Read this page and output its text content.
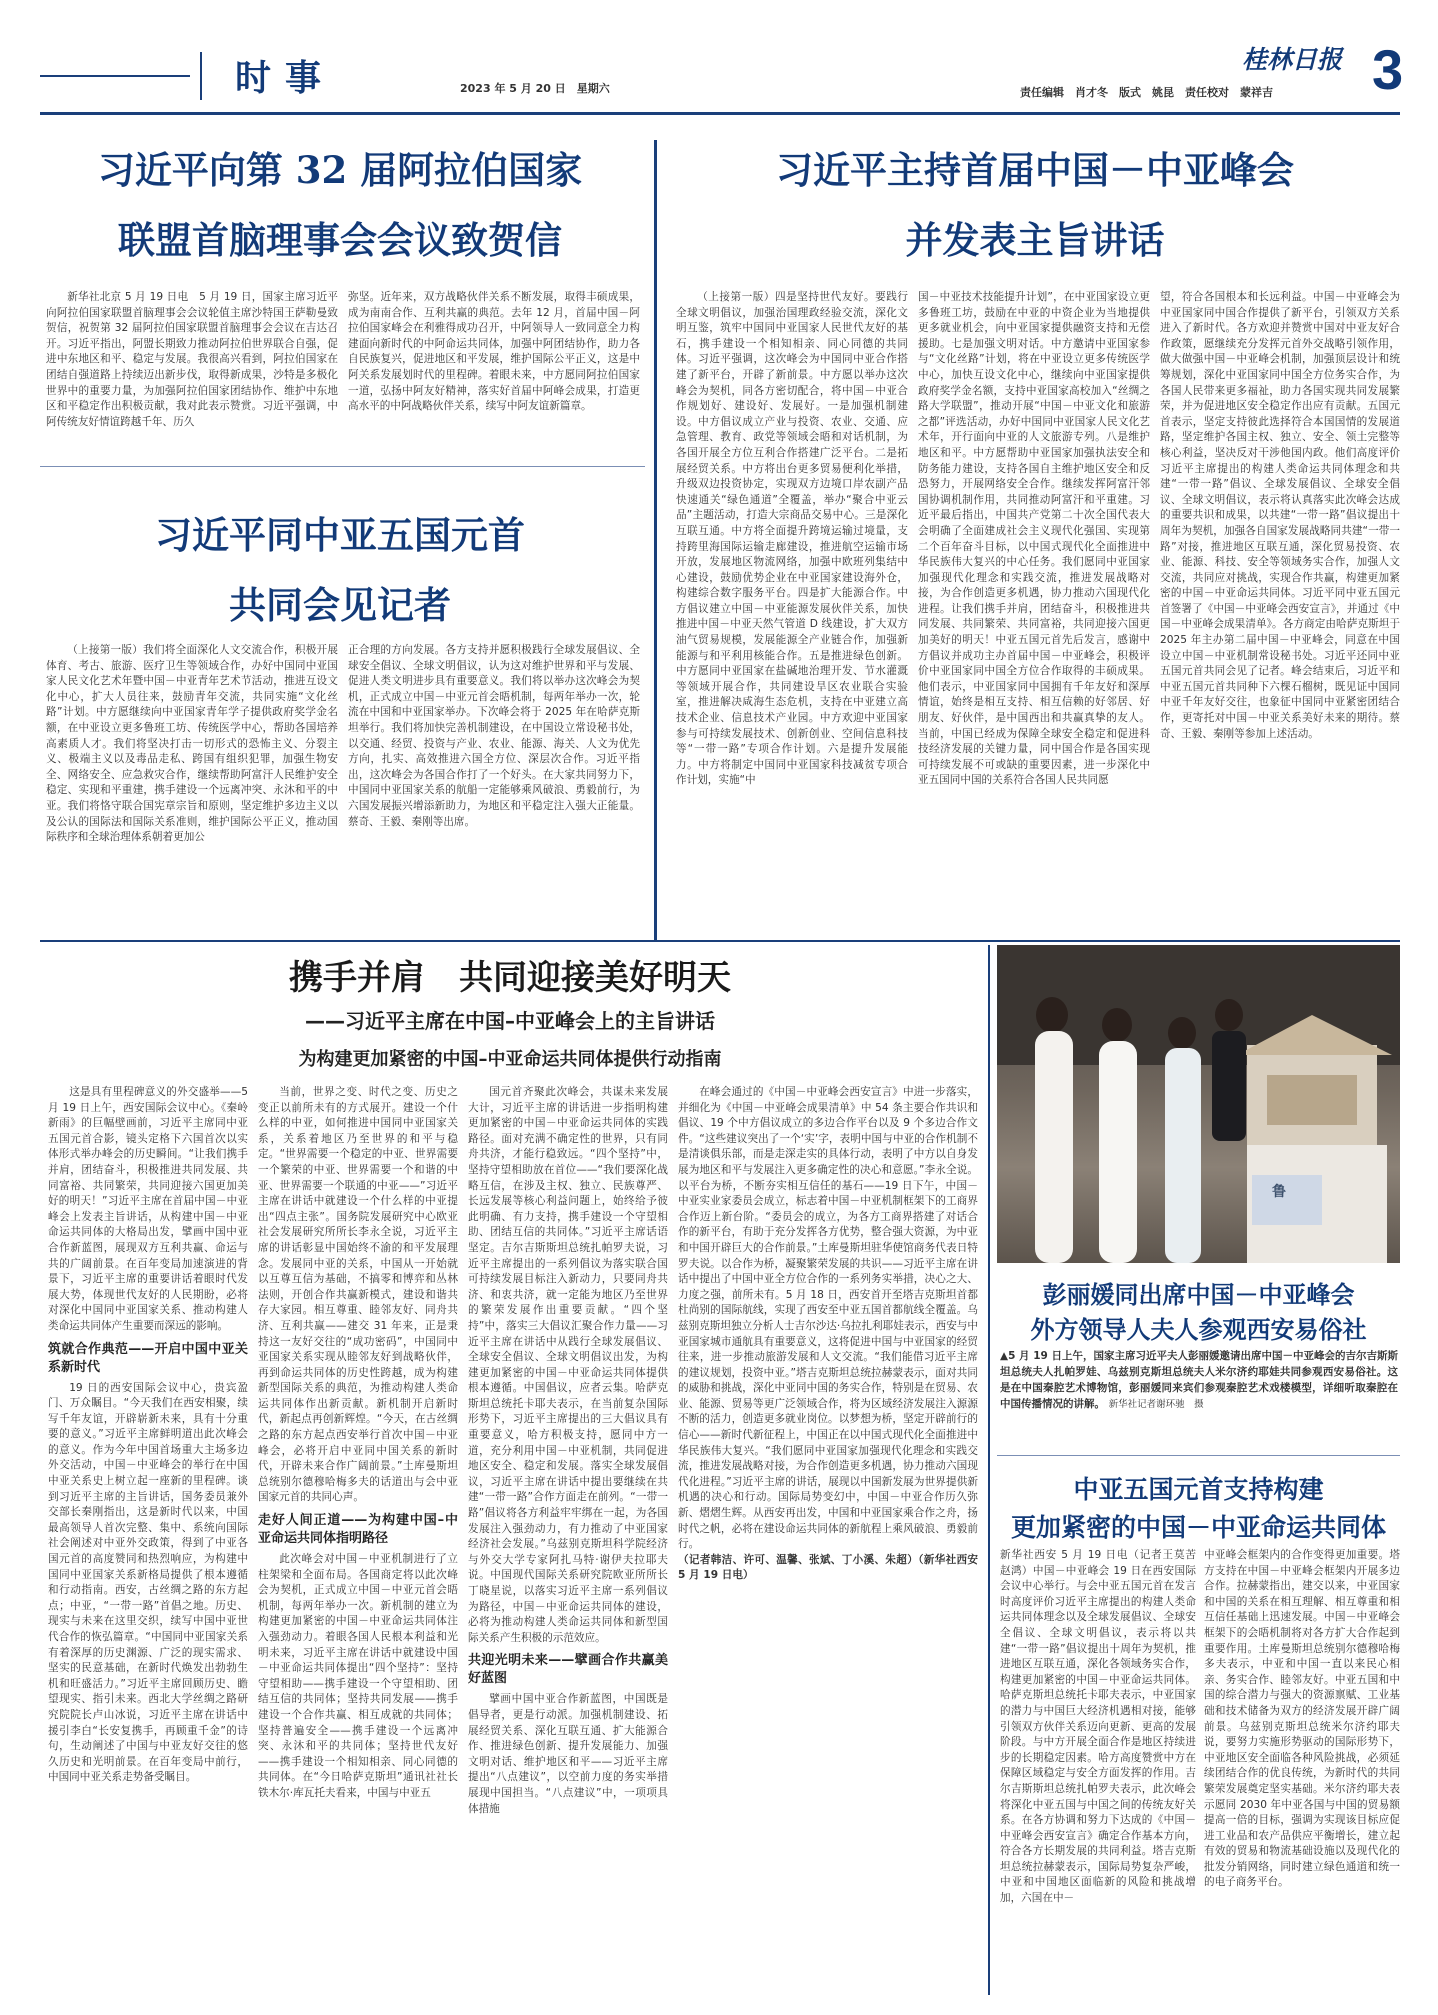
时事	2023 年 5 月 20 日　星期六
桂林日报
责任编辑　肖才冬　版式　姚昆　责任校对　蒙祥吉 3
习近平向第 32 届阿拉伯国家
联盟首脑理事会会议致贺信

新华社北京 5 月 19 日电　5 月 19 日，国家主席习近平向阿拉伯国家联盟首脑理事会会议轮值主席沙特国王萨勒曼致贺信，祝贺第 32 届阿拉伯国家联盟首脑理事会会议在吉达召开。习近平指出，阿盟长期致力推动阿拉伯世界联合自强，促进中东地区和平、稳定与发展。我很高兴看到，阿拉伯国家在团结自强道路上持续迈出新步伐，取得新成果，沙特是多极化世界中的重要力量，为加强阿拉伯国家团结协作、维护中东地区和平稳定作出积极贡献，我对此表示赞赏。习近平强调，中阿传统友好情谊跨越千年、历久

弥坚。近年来，双方战略伙伴关系不断发展，取得丰硕成果，成为南南合作、互利共赢的典范。去年 12 月，首届中国－阿拉伯国家峰会在利雅得成功召开，中阿领导人一致同意全力构建面向新时代的中阿命运共同体，加强中阿团结协作，助力各自民族复兴，促进地区和平发展，维护国际公平正义，这是中阿关系发展划时代的里程碑。着眼未来，中方愿同阿拉伯国家一道，弘扬中阿友好精神，落实好首届中阿峰会成果，打造更高水平的中阿战略伙伴关系，续写中阿友谊新篇章。

习近平同中亚五国元首
共同会见记者

（上接第一版）我们将全面深化人文交流合作，积极开展体育、考古、旅游、医疗卫生等领域合作，办好中国同中亚国家人民文化艺术年暨中国－中亚青年艺术节活动，推进互设文化中心，扩大人员往来，鼓励青年交流，共同实施“文化丝路”计划。中方愿继续向中亚国家青年学子提供政府奖学金名额，在中亚设立更多鲁班工坊、传统医学中心，帮助各国培养高素质人才。我们将坚决打击一切形式的恐怖主义、分裂主义、极端主义以及毒品走私、跨国有组织犯罪，加强生物安全、网络安全、应急救灾合作，继续帮助阿富汗人民维护安全稳定、实现和平重建，携手建设一个远离冲突、永沐和平的中亚。我们将恪守联合国宪章宗旨和原则，坚定维护多边主义以及公认的国际法和国际关系准则，维护国际公平正义，推动国际秩序和全球治理体系朝着更加公

正合理的方向发展。各方支持并愿积极践行全球发展倡议、全球安全倡议、全球文明倡议，认为这对维护世界和平与发展、促进人类文明进步具有重要意义。我们将以举办这次峰会为契机，正式成立中国－中亚元首会晤机制，每两年举办一次，轮流在中国和中亚国家举办。下次峰会将于 2025 年在哈萨克斯坦举行。我们将加快完善机制建设，在中国设立常设秘书处，以交通、经贸、投资与产业、农业、能源、海关、人文为优先方向，扎实、高效推进六国全方位、深层次合作。习近平指出，这次峰会为各国合作打了一个好头。在大家共同努力下，中国同中亚国家关系的航船一定能够乘风破浪、勇毅前行，为六国发展振兴增添新助力，为地区和平稳定注入强大正能量。蔡奇、王毅、秦刚等出席。

习近平主持首届中国－中亚峰会
并发表主旨讲话

（上接第一版）四是坚持世代友好。要践行全球文明倡议，加强治国理政经验交流，深化文明互鉴，筑牢中国同中亚国家人民世代友好的基石，携手建设一个相知相亲、同心同德的共同体。习近平强调，这次峰会为中国同中亚合作搭建了新平台，开辟了新前景。中方愿以举办这次峰会为契机，同各方密切配合，将中国－中亚合作规划好、建设好、发展好。一是加强机制建设。中方倡议成立产业与投资、农业、交通、应急管理、教育、政党等领域会晤和对话机制，为各国开展全方位互利合作搭建广泛平台。二是拓展经贸关系。中方将出台更多贸易便利化举措，升级双边投资协定，实现双方边境口岸农副产品快速通关“绿色通道”全覆盖，举办“聚合中亚云品”主题活动，打造大宗商品交易中心。三是深化互联互通。中方将全面提升跨境运输过境量，支持跨里海国际运输走廊建设，推进航空运输市场开放，发展地区物流网络，加强中欧班列集结中心建设，鼓励优势企业在中亚国家建设海外仓，构建综合数字服务平台。四是扩大能源合作。中方倡议建立中国－中亚能源发展伙伴关系，加快推进中国－中亚天然气管道 D 线建设，扩大双方油气贸易规模，发展能源全产业链合作，加强新能源与和平利用核能合作。五是推进绿色创新。中方愿同中亚国家在盐碱地治理开发、节水灌溉等领域开展合作，共同建设旱区农业联合实验室，推进解决咸海生态危机，支持在中亚建立高技术企业、信息技术产业园。中方欢迎中亚国家参与可持续发展技术、创新创业、空间信息科技等“一带一路”专项合作计划。六是提升发展能力。中方将制定中国同中亚国家科技减贫专项合作计划，实施“中

国－中亚技术技能提升计划”，在中亚国家设立更多鲁班工坊，鼓励在中亚的中资企业为当地提供更多就业机会，向中亚国家提供融资支持和无偿援助。七是加强文明对话。中方邀请中亚国家参与“文化丝路”计划，将在中亚设立更多传统医学中心，加快互设文化中心，继续向中亚国家提供政府奖学金名额，支持中亚国家高校加入“丝绸之路大学联盟”，推动开展“中国－中亚文化和旅游之都”评选活动，办好中国同中亚国家人民文化艺术年，开行面向中亚的人文旅游专列。八是维护地区和平。中方愿帮助中亚国家加强执法安全和防务能力建设，支持各国自主维护地区安全和反恐努力，开展网络安全合作。继续发挥阿富汗邻国协调机制作用，共同推动阿富汗和平重建。习近平最后指出，中国共产党第二十次全国代表大会明确了全面建成社会主义现代化强国、实现第二个百年奋斗目标，以中国式现代化全面推进中华民族伟大复兴的中心任务。我们愿同中亚国家加强现代化理念和实践交流，推进发展战略对接，为合作创造更多机遇，协力推动六国现代化进程。让我们携手并肩，团结奋斗，积极推进共同发展、共同繁荣、共同富裕，共同迎接六国更加美好的明天！中亚五国元首先后发言，感谢中方倡议并成功主办首届中国－中亚峰会，积极评价中亚国家同中国全方位合作取得的丰硕成果。他们表示，中亚国家同中国拥有千年友好和深厚情谊，始终是相互支持、相互信赖的好邻居、好朋友、好伙伴，是中国西出和共赢真挚的友人。当前，中国已经成为保障全球安全稳定和促进科技经济发展的关键力量，同中国合作是各国实现可持续发展不可或缺的重要因素，进一步深化中亚五国同中国的关系符合各国人民共同愿

望，符合各国根本和长远利益。中国－中亚峰会为中亚国家同中国合作提供了新平台，引领双方关系进入了新时代。各方欢迎并赞赏中国对中亚友好合作政策，愿继续充分发挥元首外交战略引领作用，做大做强中国－中亚峰会机制，加强顶层设计和统筹规划，深化中亚国家同中国全方位务实合作，为各国人民带来更多福祉，助力各国实现共同发展繁荣，并为促进地区安全稳定作出应有贡献。五国元首表示，坚定支持彼此选择符合本国国情的发展道路，坚定维护各国主权、独立、安全、领土完整等核心利益，坚决反对干涉他国内政。他们高度评价习近平主席提出的构建人类命运共同体理念和共建“一带一路”倡议、全球发展倡议、全球安全倡议、全球文明倡议，表示将认真落实此次峰会达成的重要共识和成果，以共建“一带一路”倡议提出十周年为契机，加强各自国家发展战略同共建“一带一路”对接，推进地区互联互通，深化贸易投资、农业、能源、科技、安全等领域务实合作，加强人文交流，共同应对挑战，实现合作共赢，构建更加紧密的中国－中亚命运共同体。习近平同中亚五国元首签署了《中国－中亚峰会西安宣言》，并通过《中国－中亚峰会成果清单》。各方商定由哈萨克斯坦于 2025 年主办第二届中国－中亚峰会，同意在中国设立中国－中亚机制常设秘书处。习近平还同中亚五国元首共同会见了记者。峰会结束后，习近平和中亚五国元首共同种下六棵石榴树，既见证中国同中亚千年友好交往，也象征中国同中亚紧密团结合作，更寄托对中国－中亚关系美好未来的期待。蔡奇、王毅、秦刚等参加上述活动。

携手并肩　共同迎接美好明天
——习近平主席在中国–中亚峰会上的主旨讲话
为构建更加紧密的中国–中亚命运共同体提供行动指南

这是具有里程碑意义的外交盛举——5 月 19 日上午，西安国际会议中心。《秦岭新雨》的巨幅壁画前，习近平主席同中亚五国元首合影，镜头定格下六国首次以实体形式举办峰会的历史瞬间。“让我们携手并肩，团结奋斗，积极推进共同发展、共同富裕、共同繁荣，共同迎接六国更加美好的明天！”习近平主席在首届中国－中亚峰会上发表主旨讲话，从构建中国－中亚命运共同体的大格局出发，擘画中国中亚合作新蓝图，展现双方互利共赢、命运与共的广阔前景。在百年变局加速演进的背景下，习近平主席的重要讲话着眼时代发展大势，体现世代友好的人民期盼，必将对深化中国同中亚国家关系、推动构建人类命运共同体产生重要而深远的影响。

筑就合作典范——开启中国中亚关系新时代

19 日的西安国际会议中心，贵宾盈门、万众瞩目。“今天我们在西安相聚，续写千年友谊，开辟崭新未来，具有十分重要的意义。”习近平主席鲜明道出此次峰会的意义。作为今年中国首场重大主场多边外交活动，中国－中亚峰会的举行在中国中亚关系史上树立起一座新的里程碑。谈到习近平主席的主旨讲话，国务委员兼外交部长秦刚指出，这是新时代以来，中国最高领导人首次完整、集中、系统向国际社会阐述对中亚外交政策，得到了中亚各国元首的高度赞同和热烈响应，为构建中国同中亚国家关系新格局提供了根本遵循和行动指南。西安，古丝绸之路的东方起点；中亚，“一带一路”首倡之地。历史、现实与未来在这里交织，续写中国中亚世代合作的恢弘篇章。“中国同中亚国家关系有着深厚的历史渊源、广泛的现实需求、坚实的民意基础，在新时代焕发出勃勃生机和旺盛活力。”习近平主席回顾历史、瞻望现实、指引未来。西北大学丝绸之路研究院院长卢山冰说，习近平主席在讲话中援引李白“长安复携手，再顾重千金”的诗句，生动阐述了中国与中亚友好交往的悠久历史和光明前景。在百年变局中前行，中国同中亚关系走势备受瞩目。

当前，世界之变、时代之变、历史之变正以前所未有的方式展开。建设一个什么样的中亚，如何推进中国同中亚国家关系，关系着地区乃至世界的和平与稳定。“世界需要一个稳定的中亚、世界需要一个繁荣的中亚、世界需要一个和谐的中亚、世界需要一个联通的中亚——”习近平主席在讲话中就建设一个什么样的中亚提出“四点主张”。国务院发展研究中心欧亚社会发展研究所所长李永全说，习近平主席的讲话彰显中国始终不渝的和平发展理念。发展同中亚的关系，中国从一开始就以互尊互信为基础，不搞零和博弈和丛林法则，开创合作共赢新模式，建设和谐共存大家园。相互尊重、睦邻友好、同舟共济、互利共赢——建交 31 年来，正是秉持这一友好交往的“成功密码”，中国同中亚国家关系实现从睦邻友好到战略伙伴，再到命运共同体的历史性跨越，成为构建新型国际关系的典范，为推动构建人类命运共同体作出新贡献。新机制开启新时代，新起点再创新辉煌。“今天，在古丝绸之路的东方起点西安举行首次中国－中亚峰会，必将开启中亚同中国关系的新时代，开辟未来合作广阔前景。”土库曼斯坦总统别尔德穆哈梅多夫的话道出与会中亚国家元首的共同心声。

走好人间正道——为构建中国–中亚命运共同体指明路径

此次峰会对中国－中亚机制进行了立柱架梁和全面布局。各国商定将以此次峰会为契机，正式成立中国－中亚元首会晤机制，每两年举办一次。新机制的建立为构建更加紧密的中国－中亚命运共同体注入强劲动力。着眼各国人民根本利益和光明未来，习近平主席在讲话中就建设中国－中亚命运共同体提出“四个坚持”：坚持守望相助——携手建设一个守望相助、团结互信的共同体；坚持共同发展——携手建设一个合作共赢、相互成就的共同体；坚持普遍安全——携手建设一个远离冲突、永沐和平的共同体；坚持世代友好——携手建设一个相知相亲、同心同德的共同体。在“今日哈萨克斯坦”通讯社社长铁木尔·库瓦托夫看来，中国与中亚五

国元首齐聚此次峰会，共谋未来发展大计，习近平主席的讲话进一步指明构建更加紧密的中国－中亚命运共同体的实践路径。面对充满不确定性的世界，只有同舟共济，才能行稳致远。“四个坚持”中，坚持守望相助放在首位——“我们要深化战略互信，在涉及主权、独立、民族尊严、长远发展等核心利益问题上，始终给予彼此明确、有力支持，携手建设一个守望相助、团结互信的共同体。”习近平主席话语坚定。吉尔吉斯斯坦总统扎帕罗夫说，习近平主席提出的一系列倡议为落实联合国可持续发展目标注入新动力，只要同舟共济、和衷共济，就一定能为地区乃至世界的繁荣发展作出重要贡献。“四个坚持”中，落实三大倡议汇聚合作力量——习近平主席在讲话中从践行全球发展倡议、全球安全倡议、全球文明倡议出发，为构建更加紧密的中国－中亚命运共同体提供根本遵循。中国倡议，应者云集。哈萨克斯坦总统托卡耶夫表示，在当前复杂国际形势下，习近平主席提出的三大倡议具有重要意义，哈方积极支持，愿同中方一道，充分利用中国－中亚机制，共同促进地区安全、稳定和发展。落实全球发展倡议，习近平主席在讲话中提出要继续在共建“一带一路”合作方面走在前列。“一带一路”倡议将各方利益牢牢绑在一起，为各国发展注入强劲动力，有力推动了中亚国家经济社会发展。”乌兹别克斯坦科学院经济与外交大学专家阿扎马特·谢伊夫拉耶夫说。中国现代国际关系研究院欧亚所所长丁晓星说，以落实习近平主席一系列倡议为路径，中国－中亚命运共同体的建设，必将为推动构建人类命运共同体和新型国际关系产生积极的示范效应。

共迎光明未来——擘画合作共赢美好蓝图

擘画中国中亚合作新蓝图，中国既是倡导者，更是行动派。加强机制建设、拓展经贸关系、深化互联互通、扩大能源合作、推进绿色创新、提升发展能力、加强文明对话、维护地区和平——习近平主席提出“八点建议”，以空前力度的务实举措展现中国担当。“八点建议”中，一项项具体措施

在峰会通过的《中国－中亚峰会西安宣言》中进一步落实，并细化为《中国－中亚峰会成果清单》中 54 条主要合作共识和倡议、19 个中方倡议成立的多边合作平台以及 9 个多边合作文件。“这些建议突出了一个‘实’字，表明中国与中亚的合作机制不是清谈俱乐部，而是走深走实的具体行动，表明了中方以自身发展为地区和平与发展注入更多确定性的决心和意愿。”李永全说。以平台为桥，不断夯实相互信任的基石——19 日下午，中国－中亚实业家委员会成立，标志着中国－中亚机制框架下的工商界合作迈上新台阶。“委员会的成立，为各方工商界搭建了对话合作的新平台，有助于充分发挥各方优势，整合强大资源，为中亚和中国开辟巨大的合作前景。”土库曼斯坦驻华使馆商务代表日特罗夫说。以合作为桥，凝聚繁荣发展的共识——习近平主席在讲话中提出了中国中亚全方位合作的一系列务实举措，决心之大、力度之强，前所未有。5 月 18 日，西安首开至塔吉克斯坦首都杜尚别的国际航线，实现了西安至中亚五国首都航线全覆盖。乌兹别克斯坦独立分析人士吉尔沙达·乌拉扎利耶娃表示，西安与中亚国家城市通航具有重要意义，这将促进中国与中亚国家的经贸往来，进一步推动旅游发展和人文交流。“我们能借习近平主席的建议规划，投资中亚。”塔吉克斯坦总统拉赫蒙表示，面对共同的威胁和挑战，深化中亚同中国的务实合作，特别是在贸易、农业、能源、贸易等更广泛领域合作，将为区域经济发展注入源源不断的活力，创造更多就业岗位。以梦想为桥，坚定开辟前行的信心——新时代新征程上，中国正在以中国式现代化全面推进中华民族伟大复兴。“我们愿同中亚国家加强现代化理念和实践交流，推进发展战略对接，为合作创造更多机遇，协力推动六国现代化进程。”习近平主席的讲话，展现以中国新发展为世界提供新机遇的决心和行动。国际局势变幻中，中国－中亚合作历久弥新、熠熠生辉。从西安再出发，中国和中亚国家乘合作之舟，扬时代之帆，必将在建设命运共同体的新航程上乘风破浪、勇毅前行。

（记者韩洁、许可、温馨、张斌、丁小溪、朱超）（新华社西安 5 月 19 日电）

鲁
彭丽媛同出席中国－中亚峰会
外方领导人夫人参观西安易俗社
▲5 月 19 日上午，国家主席习近平夫人彭丽媛邀请出席中国－中亚峰会的吉尔吉斯斯坦总统夫人扎帕罗娃、乌兹别克斯坦总统夫人米尔济约耶娃共同参观西安易俗社。这是在中国秦腔艺术博物馆，彭丽媛同来宾们参观秦腔艺术戏楼模型，详细听取秦腔在中国传播情况的讲解。 新华社记者谢环驰　摄
中亚五国元首支持构建
更加紧密的中国－中亚命运共同体

新华社西安 5 月 19 日电（记者王莫苦　赵鸿）中国－中亚峰会 19 日在西安国际会议中心举行。与会中亚五国元首在发言时高度评价习近平主席提出的构建人类命运共同体理念以及全球发展倡议、全球安全倡议、全球文明倡议，表示将以共建“一带一路”倡议提出十周年为契机，推进地区互联互通，深化各领域务实合作，构建更加紧密的中国－中亚命运共同体。哈萨克斯坦总统托卡耶夫表示，中亚国家的潜力与中国巨大经济机遇相对接，能够引领双方伙伴关系迈向更新、更高的发展阶段。与中方开展全面合作是地区持续进步的长期稳定因素。哈方高度赞赏中方在保障区域稳定与安全方面发挥的作用。吉尔吉斯斯坦总统扎帕罗夫表示，此次峰会将深化中亚五国与中国之间的传统友好关系。在各方协调和努力下达成的《中国－中亚峰会西安宣言》确定合作基本方向，符合各方长期发展的共同利益。塔吉克斯坦总统拉赫蒙表示，国际局势复杂严峻，中亚和中国地区面临新的风险和挑战增加，六国在中－

中亚峰会框架内的合作变得更加重要。塔方支持在中国－中亚峰会框架内开展多边合作。拉赫蒙指出，建交以来，中亚国家和中国的关系在相互理解、相互尊重和相互信任基础上迅速发展。中国－中亚峰会框架下的会晤机制将对各方扩大合作起到重要作用。土库曼斯坦总统别尔德穆哈梅多夫表示，中亚和中国一直以来民心相亲、务实合作、睦邻友好。中亚五国和中国的综合潜力与强大的资源禀赋、工业基础和技术储备为双方的经济发展开辟广阔前景。乌兹别克斯坦总统米尔济约耶夫说，要努力实施形势驱动的国际形势下，中亚地区安全面临各种风险挑战，必须延续团结合作的优良传统，为新时代的共同繁荣发展奠定坚实基础。米尔济约耶夫表示愿同 2030 年中亚各国与中国的贸易额提高一倍的目标，强调为实现该目标应促进工业品和农产品供应平衡增长，建立起有效的贸易和物流基础设施以及现代化的批发分销网络，同时建立绿色通道和统一的电子商务平台。
